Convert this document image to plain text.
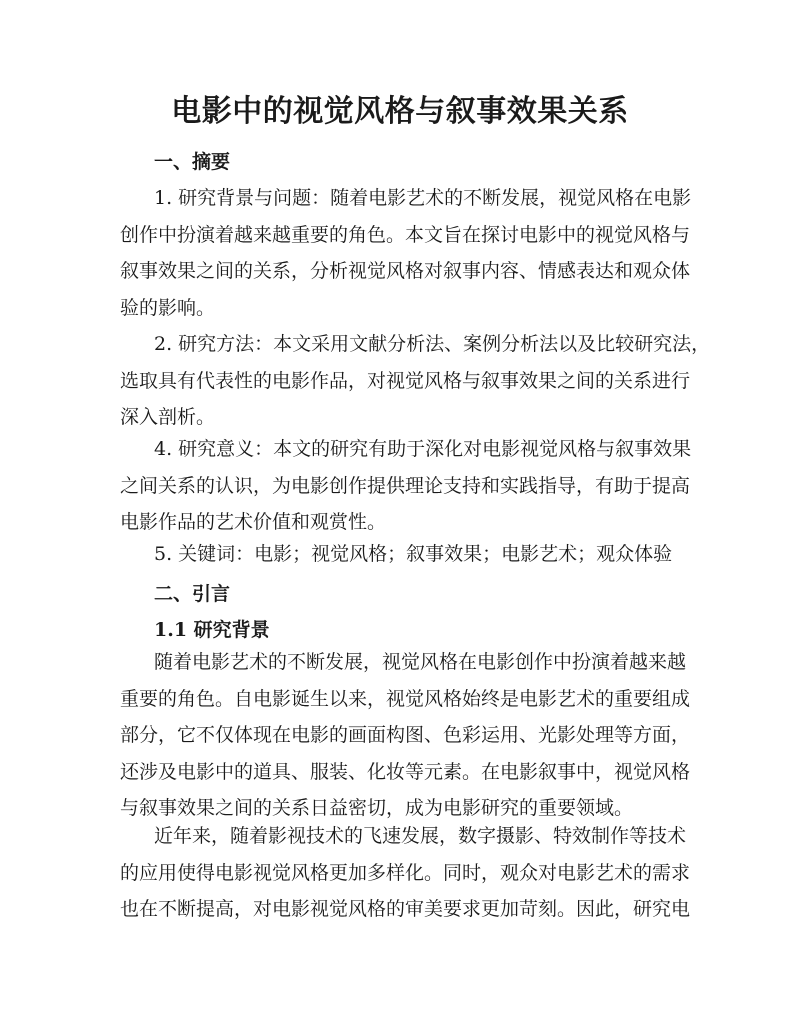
电影中的视觉风格与叙事效果关系
一、摘要

1. 研究背景与问题：随着电影艺术的不断发展，视觉风格在电影
创作中扮演着越来越重要的角色。本文旨在探讨电影中的视觉风格与
叙事效果之间的关系，分析视觉风格对叙事内容、情感表达和观众体
验的影响。

2. 研究方法：本文采用文献分析法、案例分析法以及比较研究法，
选取具有代表性的电影作品，对视觉风格与叙事效果之间的关系进行
深入剖析。

4. 研究意义：本文的研究有助于深化对电影视觉风格与叙事效果
之间关系的认识，为电影创作提供理论支持和实践指导，有助于提高
电影作品的艺术价值和观赏性。

5. 关键词：电影；视觉风格；叙事效果；电影艺术；观众体验

二、引言
1.1 研究背景

随着电影艺术的不断发展，视觉风格在电影创作中扮演着越来越
重要的角色。自电影诞生以来，视觉风格始终是电影艺术的重要组成
部分，它不仅体现在电影的画面构图、色彩运用、光影处理等方面，
还涉及电影中的道具、服装、化妆等元素。在电影叙事中，视觉风格
与叙事效果之间的关系日益密切，成为电影研究的重要领域。

近年来，随着影视技术的飞速发展，数字摄影、特效制作等技术
的应用使得电影视觉风格更加多样化。同时，观众对电影艺术的需求
也在不断提高，对电影视觉风格的审美要求更加苛刻。因此，研究电
